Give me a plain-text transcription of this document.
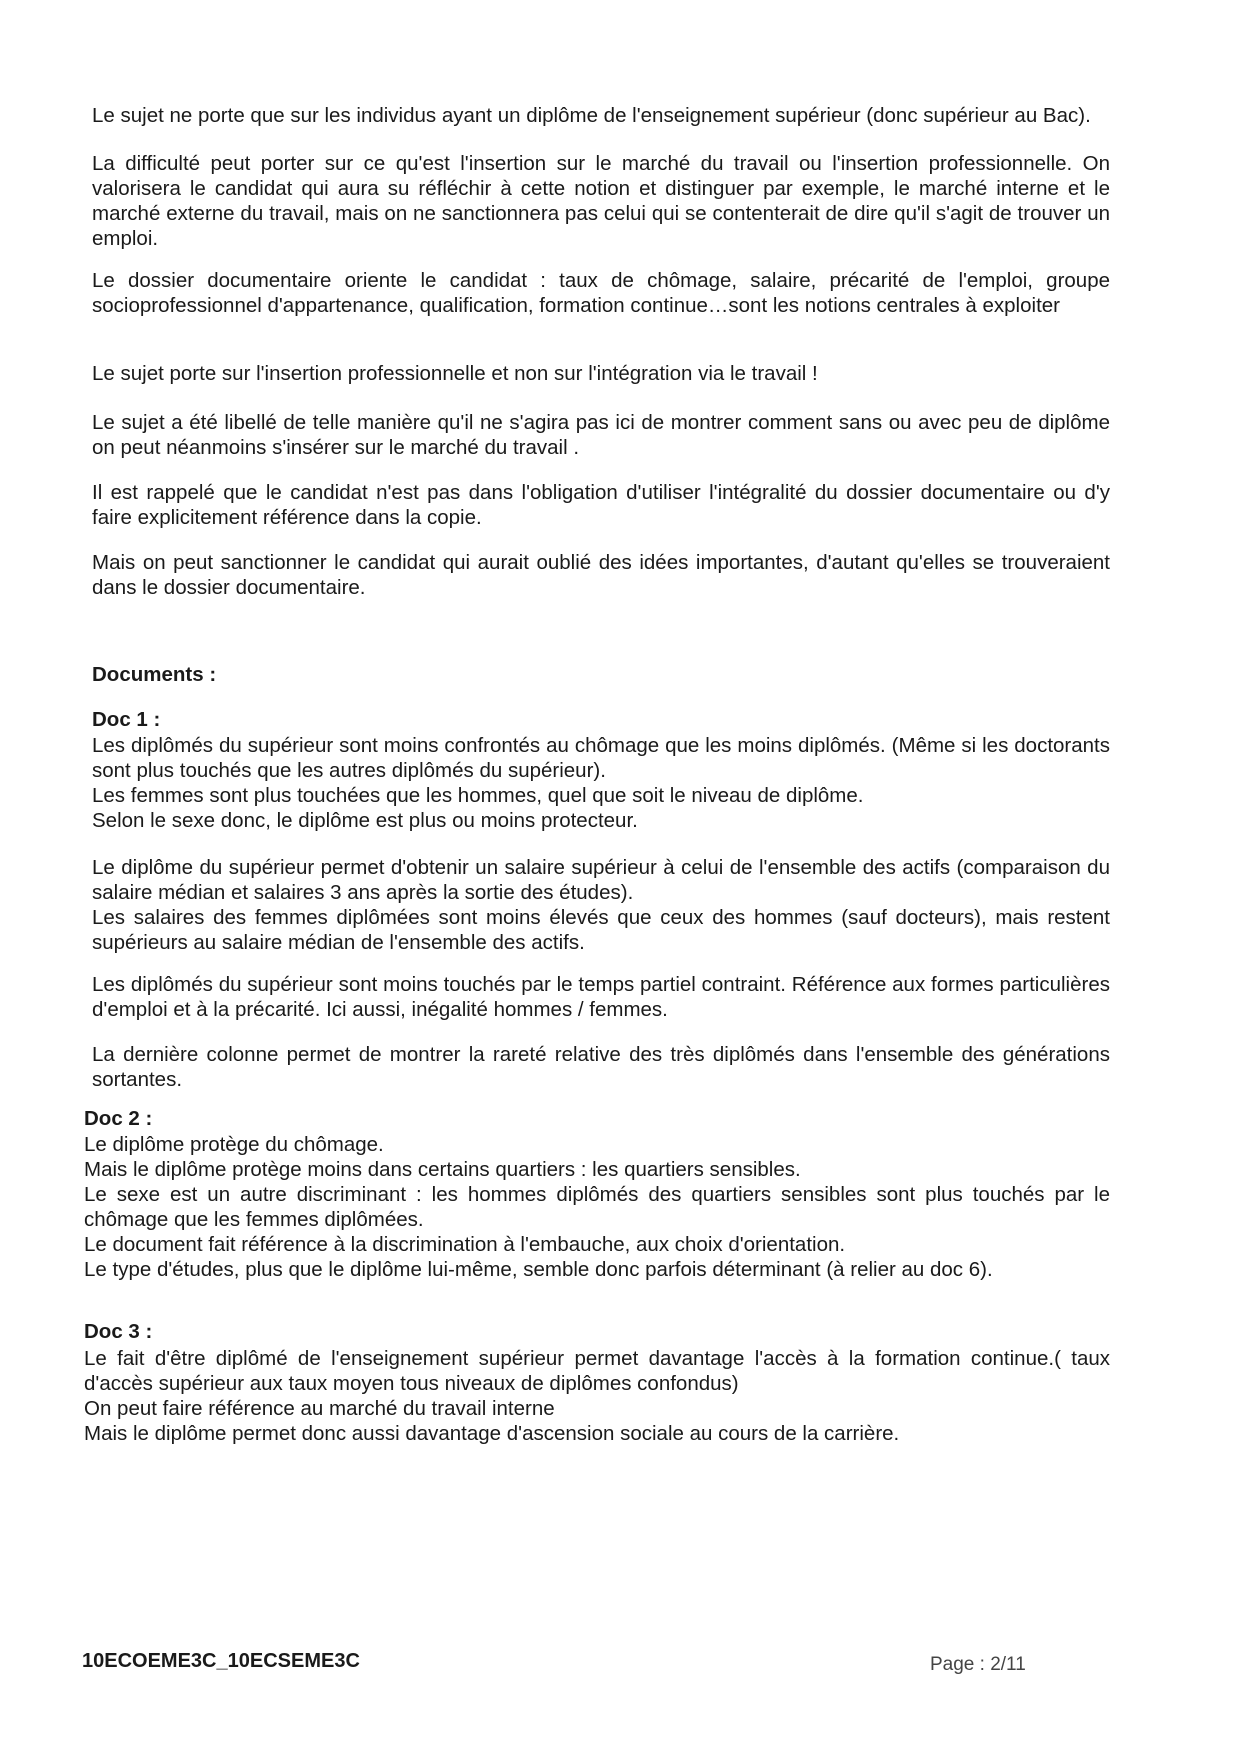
Le sujet ne porte que sur les individus ayant un diplôme de l'enseignement supérieur (donc supérieur au Bac).

La difficulté peut porter sur ce qu'est l'insertion sur le marché du travail ou l'insertion professionnelle. On valorisera le candidat qui aura su réfléchir à cette notion et distinguer par exemple, le marché interne et le marché externe du travail, mais on ne sanctionnera pas celui qui se contenterait de dire qu'il s'agit de trouver un emploi.

Le dossier documentaire oriente le candidat : taux de chômage, salaire, précarité de l'emploi, groupe socioprofessionnel d'appartenance, qualification, formation continue…sont les notions centrales à exploiter

Le sujet porte sur l'insertion professionnelle et non sur l'intégration via le travail !

Le sujet a été libellé de telle manière qu'il ne s'agira pas ici de montrer comment sans ou avec peu de diplôme on peut néanmoins s'insérer sur le marché du travail .

Il est rappelé que le candidat n'est pas dans l'obligation d'utiliser l'intégralité du dossier documentaire ou d'y faire explicitement référence dans la copie.

Mais on peut sanctionner le candidat qui aurait oublié des idées importantes, d'autant qu'elles se trouveraient dans le dossier documentaire.

Documents :
Doc 1 :

Les diplômés du supérieur sont moins confrontés au chômage que les moins diplômés. (Même si les doctorants sont plus touchés que les autres diplômés du supérieur).

Les femmes sont plus touchées que les hommes, quel que soit le niveau de diplôme.

Selon le sexe donc, le diplôme est plus ou moins protecteur.

Le diplôme du supérieur permet d'obtenir un salaire supérieur à celui de l'ensemble des actifs (comparaison du salaire médian et salaires 3 ans après la sortie des études).

Les salaires des femmes diplômées sont moins élevés que ceux des hommes (sauf docteurs), mais restent supérieurs au salaire médian de l'ensemble des actifs.

Les diplômés du supérieur sont moins touchés par le temps partiel contraint. Référence aux formes particulières d'emploi et à la précarité. Ici aussi, inégalité hommes / femmes.

La dernière colonne permet de montrer la rareté relative des très diplômés dans l'ensemble des générations sortantes.

Doc 2 :

Le diplôme protège du chômage.

Mais le diplôme protège moins dans certains quartiers : les quartiers sensibles.

Le sexe est un autre discriminant : les hommes diplômés des quartiers sensibles sont plus touchés par le chômage que les femmes diplômées.

Le document fait référence à la discrimination à l'embauche, aux choix d'orientation.

Le type d'études, plus que le diplôme lui-même, semble donc parfois déterminant (à relier au doc 6).

Doc 3 :

Le fait d'être diplômé de l'enseignement supérieur permet davantage l'accès à la formation continue.( taux d'accès supérieur aux taux moyen tous niveaux de diplômes confondus)

On peut faire référence au marché du travail interne

Mais le diplôme permet donc aussi davantage d'ascension sociale au cours de la carrière.

10ECOEME3C_10ECSEME3C	Page : 2/11
